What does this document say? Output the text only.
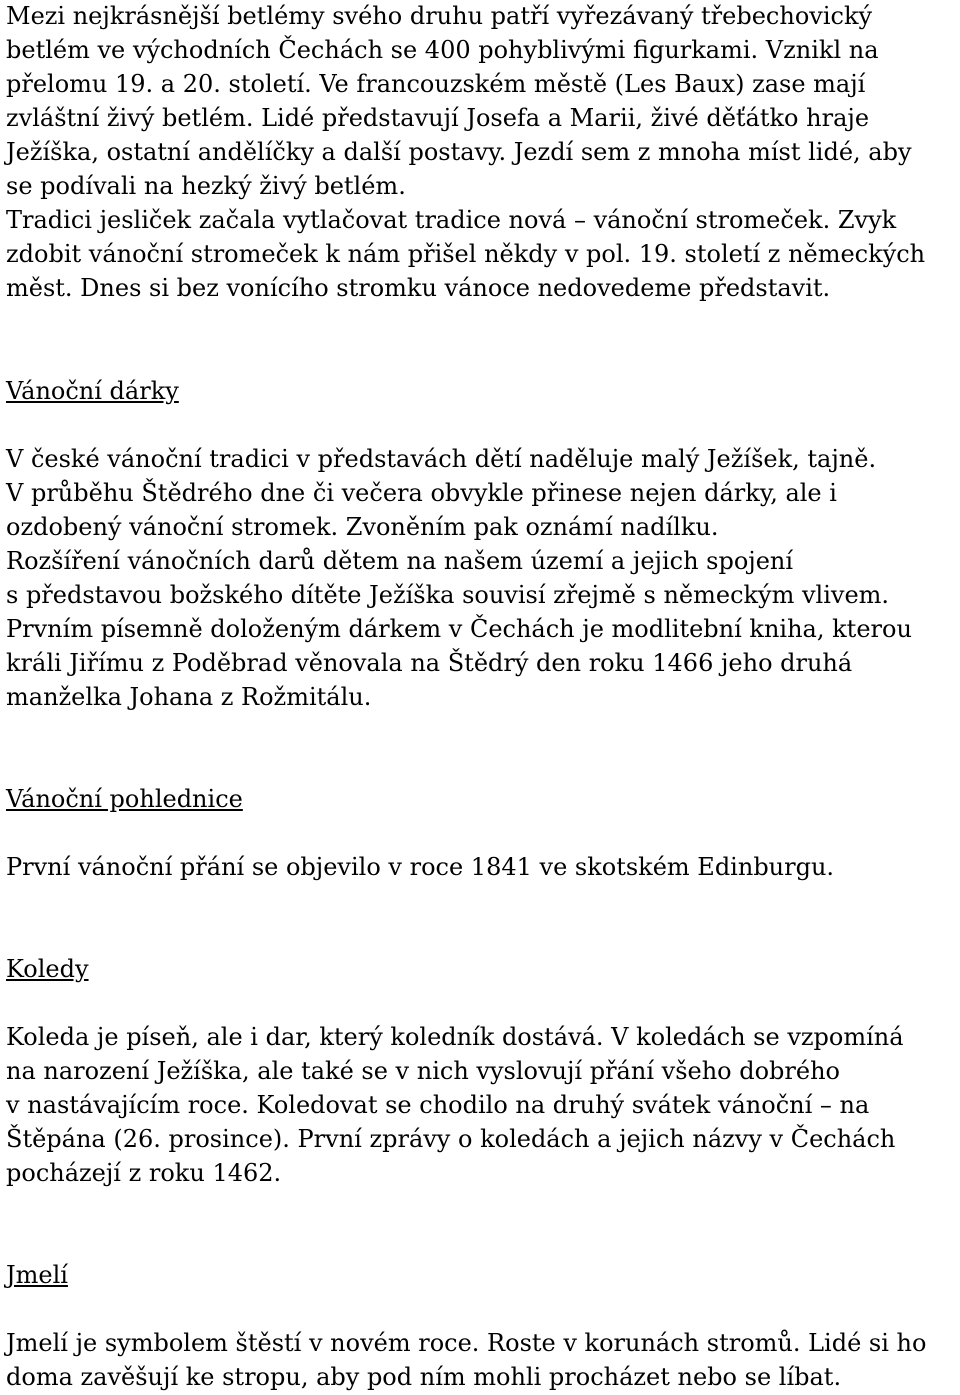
Mezi nejkrásnější betlémy svého druhu patří vyřezávaný třebechovický
betlém ve východních Čechách se 400 pohyblivými figurkami. Vznikl na
přelomu 19. a 20. století. Ve francouzském městě (Les Baux) zase mají
zvláštní živý betlém. Lidé představují Josefa a Marii, živé děťátko hraje
Ježíška, ostatní andělíčky a další postavy. Jezdí sem z mnoha míst lidé, aby
se podívali na hezký živý betlém.
Tradici jesliček začala vytlačovat tradice nová – vánoční stromeček. Zvyk
zdobit vánoční stromeček k nám přišel někdy v pol. 19. století z německých
měst. Dnes si bez vonícího stromku vánoce nedovedeme představit.

Vánoční dárky

V české vánoční tradici v představách dětí naděluje malý Ježíšek, tajně.
V průběhu Štědrého dne či večera obvykle přinese nejen dárky, ale i
ozdobený vánoční stromek. Zvoněním pak oznámí nadílku.
Rozšíření vánočních darů dětem na našem území a jejich spojení
s představou božského dítěte Ježíška souvisí zřejmě s německým vlivem.
Prvním písemně doloženým dárkem v Čechách je modlitební kniha, kterou
králi Jiřímu z Poděbrad věnovala na Štědrý den roku 1466 jeho druhá
manželka Johana z Rožmitálu.

Vánoční pohlednice

První vánoční přání se objevilo v roce 1841 ve skotském Edinburgu.

Koledy

Koleda je píseň, ale i dar, který koledník dostává. V koledách se vzpomíná
na narození Ježíška, ale také se v nich vyslovují přání všeho dobrého
v nastávajícím roce. Koledovat se chodilo na druhý svátek vánoční – na
Štěpána (26. prosince). První zprávy o koledách a jejich názvy v Čechách
pocházejí z roku 1462.

Jmelí

Jmelí je symbolem štěstí v novém roce. Roste v korunách stromů. Lidé si ho
doma zavěšují ke stropu, aby pod ním mohli procházet nebo se líbat.
